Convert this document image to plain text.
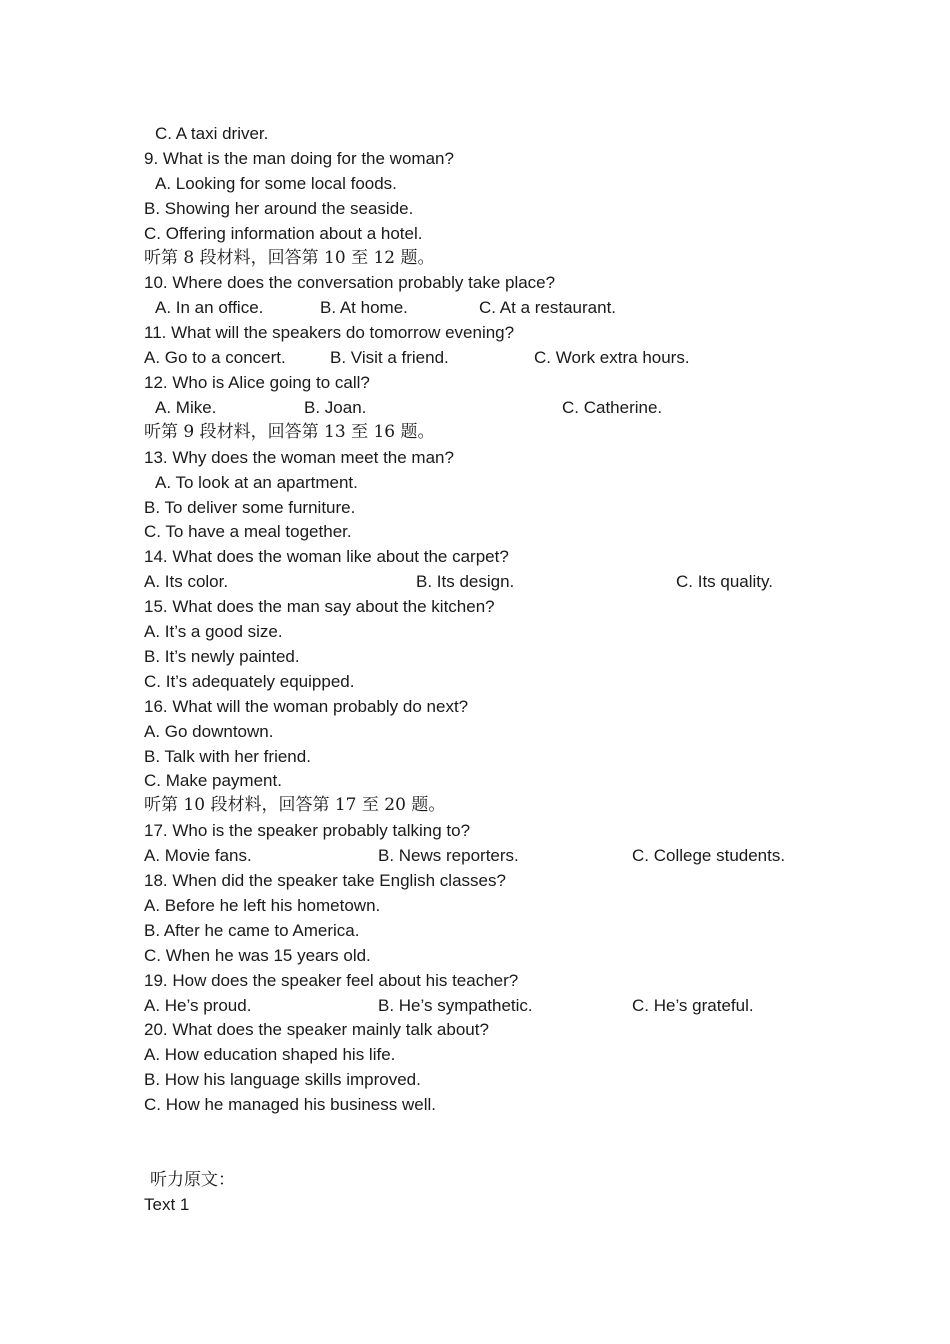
C. A taxi driver.
9. What is the man doing for the woman?
A. Looking for some local foods.
B. Showing her around the seaside.
C. Offering information about a hotel.
听第 8 段材料，回答第 10 至 12 题。
10. Where does the conversation probably take place?
A. In an office.	B. At home.	C. At a restaurant.
11. What will the speakers do tomorrow evening?
A. Go to a concert.	B. Visit a friend.	C. Work extra hours.
12. Who is Alice going to call?
A. Mike.	B. Joan.	C. Catherine.
听第 9 段材料，回答第 13 至 16 题。
13. Why does the woman meet the man?
A. To look at an apartment.
B. To deliver some furniture.
C. To have a meal together.
14. What does the woman like about the carpet?
A. Its color.	B. Its design.	C. Its quality.
15. What does the man say about the kitchen?
A. It’s a good size.
B. It’s newly painted.
C. It’s adequately equipped.
16. What will the woman probably do next?
A. Go downtown.
B. Talk with her friend.
C. Make payment.
听第 10 段材料，回答第 17 至 20 题。
17. Who is the speaker probably talking to?
A. Movie fans.	B. News reporters.	C. College students.
18. When did the speaker take English classes?
A. Before he left his hometown.
B. After he came to America.
C. When he was 15 years old.
19. How does the speaker feel about his teacher?
A. He’s proud.	B. He’s sympathetic.	C. He’s grateful.
20. What does the speaker mainly talk about?
A. How education shaped his life.
B. How his language skills improved.
C. How he managed his business well.
听力原文：
Text 1
